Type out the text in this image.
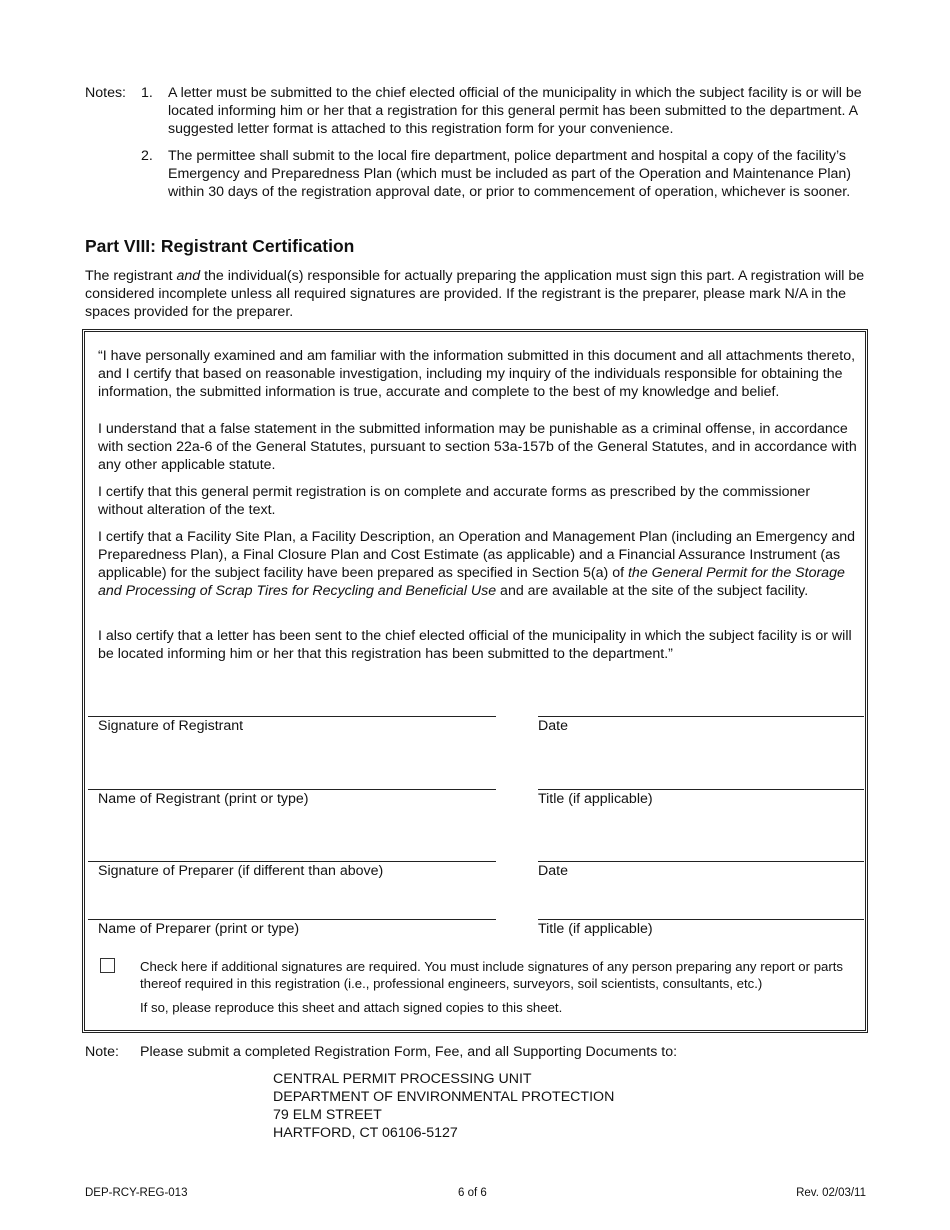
Notes: 1. A letter must be submitted to the chief elected official of the municipality in which the subject facility is or will be located informing him or her that a registration for this general permit has been submitted to the department. A suggested letter format is attached to this registration form for your convenience.
2. The permittee shall submit to the local fire department, police department and hospital a copy of the facility’s Emergency and Preparedness Plan (which must be included as part of the Operation and Maintenance Plan) within 30 days of the registration approval date, or prior to commencement of operation, whichever is sooner.
Part VIII: Registrant Certification
The registrant and the individual(s) responsible for actually preparing the application must sign this part. A registration will be considered incomplete unless all required signatures are provided. If the registrant is the preparer, please mark N/A in the spaces provided for the preparer.
“I have personally examined and am familiar with the information submitted in this document and all attachments thereto, and I certify that based on reasonable investigation, including my inquiry of the individuals responsible for obtaining the information, the submitted information is true, accurate and complete to the best of my knowledge and belief.
I understand that a false statement in the submitted information may be punishable as a criminal offense, in accordance with section 22a-6 of the General Statutes, pursuant to section 53a-157b of the General Statutes, and in accordance with any other applicable statute.
I certify that this general permit registration is on complete and accurate forms as prescribed by the commissioner without alteration of the text.
I certify that a Facility Site Plan, a Facility Description, an Operation and Management Plan (including an Emergency and Preparedness Plan), a Final Closure Plan and Cost Estimate (as applicable) and a Financial Assurance Instrument (as applicable) for the subject facility have been prepared as specified in Section 5(a) of the General Permit for the Storage and Processing of Scrap Tires for Recycling and Beneficial Use and are available at the site of the subject facility.
I also certify that a letter has been sent to the chief elected official of the municipality in which the subject facility is or will be located informing him or her that this registration has been submitted to the department.”
Signature of Registrant	Date
Name of Registrant (print or type)	Title (if applicable)
Signature of Preparer (if different than above)	Date
Name of Preparer (print or type)	Title (if applicable)
Check here if additional signatures are required. You must include signatures of any person preparing any report or parts thereof required in this registration (i.e., professional engineers, surveyors, soil scientists, consultants, etc.)
If so, please reproduce this sheet and attach signed copies to this sheet.
Note: Please submit a completed Registration Form, Fee, and all Supporting Documents to:
CENTRAL PERMIT PROCESSING UNIT
DEPARTMENT OF ENVIRONMENTAL PROTECTION
79 ELM STREET
HARTFORD, CT 06106-5127
DEP-RCY-REG-013	6 of 6	Rev. 02/03/11
